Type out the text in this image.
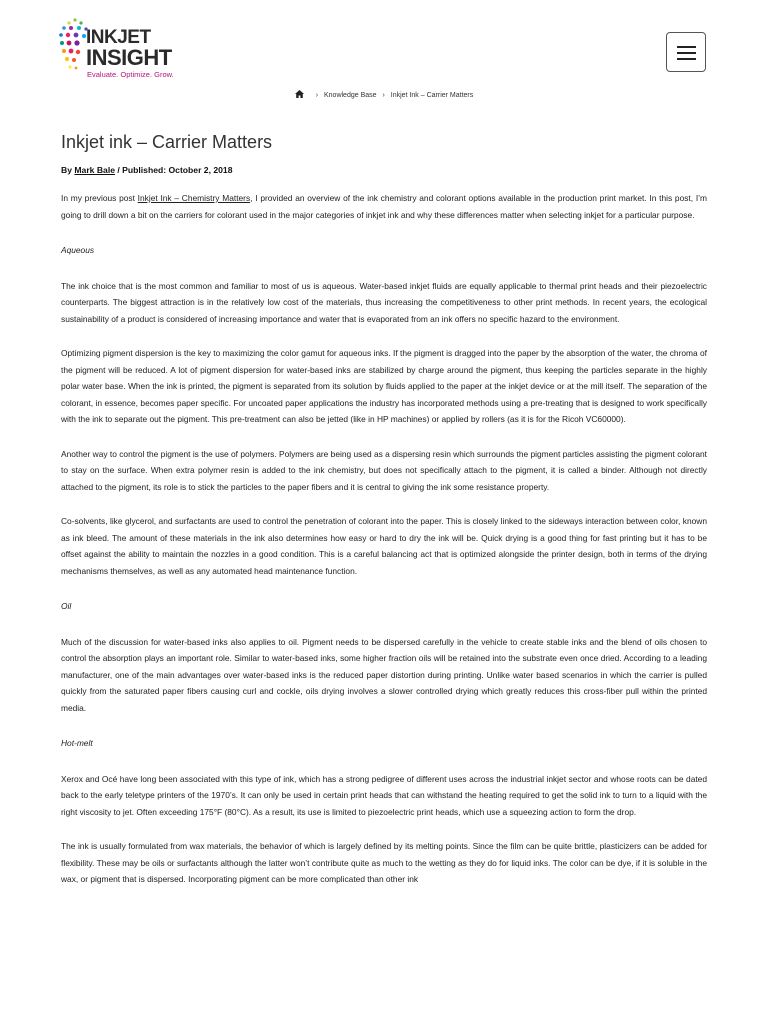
INKJET
INSIGHT
Evaluate. Optimize. Grow.
› Knowledge Base › Inkjet Ink – Carrier Matters
Inkjet ink – Carrier Matters
By Mark Bale / Published: October 2, 2018

In my previous post Inkjet Ink – Chemistry Matters, I provided an overview of the ink chemistry and colorant options available in the production print market. In this post, I’m going to drill down a bit on the carriers for colorant used in the major categories of inkjet ink and why these differences matter when selecting inkjet for a particular purpose.

Aqueous

The ink choice that is the most common and familiar to most of us is aqueous. Water-based inkjet fluids are equally applicable to thermal print heads and their piezoelectric counterparts. The biggest attraction is in the relatively low cost of the materials, thus increasing the competitiveness to other print methods. In recent years, the ecological sustainability of a product is considered of increasing importance and water that is evaporated from an ink offers no specific hazard to the environment.

Optimizing pigment dispersion is the key to maximizing the color gamut for aqueous inks. If the pigment is dragged into the paper by the absorption of the water, the chroma of the pigment will be reduced. A lot of pigment dispersion for water-based inks are stabilized by charge around the pigment, thus keeping the particles separate in the highly polar water base. When the ink is printed, the pigment is separated from its solution by fluids applied to the paper at the inkjet device or at the mill itself. The separation of the colorant, in essence, becomes paper specific. For uncoated paper applications the industry has incorporated methods using a pre-treating that is designed to work specifically with the ink to separate out the pigment. This pre-treatment can also be jetted (like in HP machines) or applied by rollers (as it is for the Ricoh VC60000).

Another way to control the pigment is the use of polymers. Polymers are being used as a dispersing resin which surrounds the pigment particles assisting the pigment colorant to stay on the surface. When extra polymer resin is added to the ink chemistry, but does not specifically attach to the pigment, it is called a binder. Although not directly attached to the pigment, its role is to stick the particles to the paper fibers and it is central to giving the ink some resistance property.

Co-solvents, like glycerol, and surfactants are used to control the penetration of colorant into the paper. This is closely linked to the sideways interaction between color, known as ink bleed. The amount of these materials in the ink also determines how easy or hard to dry the ink will be. Quick drying is a good thing for fast printing but it has to be offset against the ability to maintain the nozzles in a good condition. This is a careful balancing act that is optimized alongside the printer design, both in terms of the drying mechanisms themselves, as well as any automated head maintenance function.

Oil

Much of the discussion for water-based inks also applies to oil. Pigment needs to be dispersed carefully in the vehicle to create stable inks and the blend of oils chosen to control the absorption plays an important role. Similar to water-based inks, some higher fraction oils will be retained into the substrate even once dried. According to a leading manufacturer, one of the main advantages over water-based inks is the reduced paper distortion during printing. Unlike water based scenarios in which the carrier is pulled quickly from the saturated paper fibers causing curl and cockle, oils drying involves a slower controlled drying which greatly reduces this cross-fiber pull within the printed media.

Hot-melt

Xerox and Océ have long been associated with this type of ink, which has a strong pedigree of different uses across the industrial inkjet sector and whose roots can be dated back to the early teletype printers of the 1970’s. It can only be used in certain print heads that can withstand the heating required to get the solid ink to turn to a liquid with the right viscosity to jet. Often exceeding 175°F (80°C). As a result, its use is limited to piezoelectric print heads, which use a squeezing action to form the drop.

The ink is usually formulated from wax materials, the behavior of which is largely defined by its melting points. Since the film can be quite brittle, plasticizers can be added for flexibility. These may be oils or surfactants although the latter won’t contribute quite as much to the wetting as they do for liquid inks. The color can be dye, if it is soluble in the wax, or pigment that is dispersed. Incorporating pigment can be more complicated than other ink
